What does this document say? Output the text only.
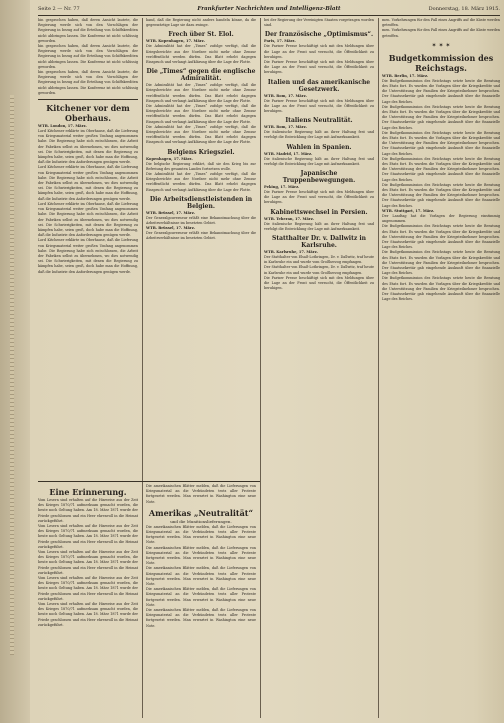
Seite 2 — Nr. 77	Frankfurter Nachrichten und Intelligenz-Blatt	Donnerstag, 18. März 1915.

hin gesprochen haben, daß deren Ansicht lautete, die Regierung werde sich von den Vorschlägen der Regierung in bezug auf die Erteilung von Schiffskrediten nicht abbringen lassen. Die Konferenz ist nicht schlüssig geworden.

hin gesprochen haben, daß deren Ansicht lautete, die Regierung werde sich von den Vorschlägen der Regierung in bezug auf die Erteilung von Schiffskrediten nicht abbringen lassen. Die Konferenz ist nicht schlüssig geworden.

hin gesprochen haben, daß deren Ansicht lautete, die Regierung werde sich von den Vorschlägen der Regierung in bezug auf die Erteilung von Schiffskrediten nicht abbringen lassen. Die Konferenz ist nicht schlüssig geworden.

Kitchener vor dem Oberhaus.
WTB. London, 17. März.

Lord Kitchener erklärte im Oberhause, daß die Lieferung von Kriegsmaterial weiter großen Umfang angenommen habe. Die Regierung habe sich entschlossen, die Arbeit der Fabriken selbst zu übernehmen, wo dies notwendig sei. Die Schwierigkeiten, mit denen die Regierung zu kämpfen habe, seien groß, doch habe man die Hoffnung, daß die Industrie den Anforderungen genügen werde.

Lord Kitchener erklärte im Oberhause, daß die Lieferung von Kriegsmaterial weiter großen Umfang angenommen habe. Die Regierung habe sich entschlossen, die Arbeit der Fabriken selbst zu übernehmen, wo dies notwendig sei. Die Schwierigkeiten, mit denen die Regierung zu kämpfen habe, seien groß, doch habe man die Hoffnung, daß die Industrie den Anforderungen genügen werde.

Lord Kitchener erklärte im Oberhause, daß die Lieferung von Kriegsmaterial weiter großen Umfang angenommen habe. Die Regierung habe sich entschlossen, die Arbeit der Fabriken selbst zu übernehmen, wo dies notwendig sei. Die Schwierigkeiten, mit denen die Regierung zu kämpfen habe, seien groß, doch habe man die Hoffnung, daß die Industrie den Anforderungen genügen werde.

Lord Kitchener erklärte im Oberhause, daß die Lieferung von Kriegsmaterial weiter großen Umfang angenommen habe. Die Regierung habe sich entschlossen, die Arbeit der Fabriken selbst zu übernehmen, wo dies notwendig sei. Die Schwierigkeiten, mit denen die Regierung zu kämpfen habe, seien groß, doch habe man die Hoffnung, daß die Industrie den Anforderungen genügen werde.

Eine Erinnerung.

Vom Lesern sind erhalten auf die Hinweise aus der Zeit des Krieges 1870/71 aufmerksam gemacht worden, die heute noch Geltung haben. Am 18. März 1871 wurde der Friede geschlossen und ein Heer ehrenvoll in die Heimat zurückgeführt.

Vom Lesern sind erhalten auf die Hinweise aus der Zeit des Krieges 1870/71 aufmerksam gemacht worden, die heute noch Geltung haben. Am 18. März 1871 wurde der Friede geschlossen und ein Heer ehrenvoll in die Heimat zurückgeführt.

Vom Lesern sind erhalten auf die Hinweise aus der Zeit des Krieges 1870/71 aufmerksam gemacht worden, die heute noch Geltung haben. Am 18. März 1871 wurde der Friede geschlossen und ein Heer ehrenvoll in die Heimat zurückgeführt.

Vom Lesern sind erhalten auf die Hinweise aus der Zeit des Krieges 1870/71 aufmerksam gemacht worden, die heute noch Geltung haben. Am 18. März 1871 wurde der Friede geschlossen und ein Heer ehrenvoll in die Heimat zurückgeführt.

Vom Lesern sind erhalten auf die Hinweise aus der Zeit des Krieges 1870/71 aufmerksam gemacht worden, die heute noch Geltung haben. Am 18. März 1871 wurde der Friede geschlossen und ein Heer ehrenvoll in die Heimat zurückgeführt.

hand, daß die Regierung nicht anders handeln könne, da die gegenwärtige Lage sie dazu zwinge.

Frech über St. Elol.
WTB. Kopenhagen, 17. März.

Die Admiralität hat der „Times“ zufolge verfügt, daß die Kriegsberichte aus der Nordsee nicht mehr ohne Zensur veröffentlicht werden dürfen. Das Blatt erhebt dagegen Einspruch und verlangt Aufklärung über die Lage der Flotte.

Die „Times“ gegen die englische Admiralität.

Die Admiralität hat der „Times“ zufolge verfügt, daß die Kriegsberichte aus der Nordsee nicht mehr ohne Zensur veröffentlicht werden dürfen. Das Blatt erhebt dagegen Einspruch und verlangt Aufklärung über die Lage der Flotte.

Die Admiralität hat der „Times“ zufolge verfügt, daß die Kriegsberichte aus der Nordsee nicht mehr ohne Zensur veröffentlicht werden dürfen. Das Blatt erhebt dagegen Einspruch und verlangt Aufklärung über die Lage der Flotte.

Die Admiralität hat der „Times“ zufolge verfügt, daß die Kriegsberichte aus der Nordsee nicht mehr ohne Zensur veröffentlicht werden dürfen. Das Blatt erhebt dagegen Einspruch und verlangt Aufklärung über die Lage der Flotte.

Belgiens Kriegsziel.
Kopenhagen, 17. März.

Die belgische Regierung erklärt, daß sie den Krieg bis zur Befreiung des gesamten Landes fortsetzen wolle.

Die Admiralität hat der „Times“ zufolge verfügt, daß die Kriegsberichte aus der Nordsee nicht mehr ohne Zensur veröffentlicht werden dürfen. Das Blatt erhebt dagegen Einspruch und verlangt Aufklärung über die Lage der Flotte.

Die Arbeitsdienstleistenden in Belgien.
WTB. Brüssel, 17. März.

Der Generalgouverneur erläßt eine Bekanntmachung über die Arbeitsverhältnisse im besetzten Gebiet.

WTB. Brüssel, 17. März.

Der Generalgouverneur erläßt eine Bekanntmachung über die Arbeitsverhältnisse im besetzten Gebiet.

Die amerikanischen Blätter melden, daß die Lieferungen von Kriegsmaterial an die Verbündeten trotz aller Proteste fortgesetzt werden. Man erwartet in Washington eine neue Note.

Amerikas „Neutralität“
und die Munitionslieferungen.

Die amerikanischen Blätter melden, daß die Lieferungen von Kriegsmaterial an die Verbündeten trotz aller Proteste fortgesetzt werden. Man erwartet in Washington eine neue Note.

Die amerikanischen Blätter melden, daß die Lieferungen von Kriegsmaterial an die Verbündeten trotz aller Proteste fortgesetzt werden. Man erwartet in Washington eine neue Note.

Die amerikanischen Blätter melden, daß die Lieferungen von Kriegsmaterial an die Verbündeten trotz aller Proteste fortgesetzt werden. Man erwartet in Washington eine neue Note.

Die amerikanischen Blätter melden, daß die Lieferungen von Kriegsmaterial an die Verbündeten trotz aller Proteste fortgesetzt werden. Man erwartet in Washington eine neue Note.

Die amerikanischen Blätter melden, daß die Lieferungen von Kriegsmaterial an die Verbündeten trotz aller Proteste fortgesetzt werden. Man erwartet in Washington eine neue Note.

bei der Regierung der Vereinigten Staaten vorgetragen worden sind.

Der französische „Optimismus“.
Paris, 17. März.

Die Pariser Presse beschäftigt sich mit den Meldungen über die Lage an der Front und versucht, die Öffentlichkeit zu beruhigen.

Die Pariser Presse beschäftigt sich mit den Meldungen über die Lage an der Front und versucht, die Öffentlichkeit zu beruhigen.

Italien und das amerikanische Gesetzwerk.
WTB. Rom, 17. März.

Die Pariser Presse beschäftigt sich mit den Meldungen über die Lage an der Front und versucht, die Öffentlichkeit zu beruhigen.

Italiens Neutralität.
WTB. Rom, 17. März.

Die italienische Regierung hält an ihrer Haltung fest und verfolgt die Entwicklung der Lage mit Aufmerksamkeit.

Wahlen in Spanien.
WTB. Madrid, 17. März.

Die italienische Regierung hält an ihrer Haltung fest und verfolgt die Entwicklung der Lage mit Aufmerksamkeit.

Japanische Truppenbewegungen.
Peking, 17. März.

Die Pariser Presse beschäftigt sich mit den Meldungen über die Lage an der Front und versucht, die Öffentlichkeit zu beruhigen.

Kabinettswechsel in Persien.
WTB. Teheran, 17. März.

Die italienische Regierung hält an ihrer Haltung fest und verfolgt die Entwicklung der Lage mit Aufmerksamkeit.

Statthalter Dr. v. Dallwitz in Karlsruhe.
WTB. Karlsruhe, 17. März.

Der Statthalter von Elsaß-Lothringen, Dr. v. Dallwitz, traf heute in Karlsruhe ein und wurde vom Großherzog empfangen.

Der Statthalter von Elsaß-Lothringen, Dr. v. Dallwitz, traf heute in Karlsruhe ein und wurde vom Großherzog empfangen.

Die Pariser Presse beschäftigt sich mit den Meldungen über die Lage an der Front und versucht, die Öffentlichkeit zu beruhigen.

men. Vorkehrungen für den Fall eines Angriffs auf die Küste werden getroffen.

men. Vorkehrungen für den Fall eines Angriffs auf die Küste werden getroffen.

✶ ✶ ✶
Budgetkommission des Reichstags.
WTB. Berlin, 17. März.

Die Budgetkommission des Reichstags setzte heute die Beratung des Etats fort. Es wurden die Vorlagen über die Kriegskredite und die Unterstützung der Familien der Kriegsteilnehmer besprochen. Der Staatssekretär gab eingehende Auskunft über die finanzielle Lage des Reiches.

Die Budgetkommission des Reichstags setzte heute die Beratung des Etats fort. Es wurden die Vorlagen über die Kriegskredite und die Unterstützung der Familien der Kriegsteilnehmer besprochen. Der Staatssekretär gab eingehende Auskunft über die finanzielle Lage des Reiches.

Die Budgetkommission des Reichstags setzte heute die Beratung des Etats fort. Es wurden die Vorlagen über die Kriegskredite und die Unterstützung der Familien der Kriegsteilnehmer besprochen. Der Staatssekretär gab eingehende Auskunft über die finanzielle Lage des Reiches.

Die Budgetkommission des Reichstags setzte heute die Beratung des Etats fort. Es wurden die Vorlagen über die Kriegskredite und die Unterstützung der Familien der Kriegsteilnehmer besprochen. Der Staatssekretär gab eingehende Auskunft über die finanzielle Lage des Reiches.

Die Budgetkommission des Reichstags setzte heute die Beratung des Etats fort. Es wurden die Vorlagen über die Kriegskredite und die Unterstützung der Familien der Kriegsteilnehmer besprochen. Der Staatssekretär gab eingehende Auskunft über die finanzielle Lage des Reiches.

WTB. Stuttgart, 17. März.

Der Landtag hat die Vorlagen der Regierung einstimmig angenommen.

Die Budgetkommission des Reichstags setzte heute die Beratung des Etats fort. Es wurden die Vorlagen über die Kriegskredite und die Unterstützung der Familien der Kriegsteilnehmer besprochen. Der Staatssekretär gab eingehende Auskunft über die finanzielle Lage des Reiches.

Die Budgetkommission des Reichstags setzte heute die Beratung des Etats fort. Es wurden die Vorlagen über die Kriegskredite und die Unterstützung der Familien der Kriegsteilnehmer besprochen. Der Staatssekretär gab eingehende Auskunft über die finanzielle Lage des Reiches.

Die Budgetkommission des Reichstags setzte heute die Beratung des Etats fort. Es wurden die Vorlagen über die Kriegskredite und die Unterstützung der Familien der Kriegsteilnehmer besprochen. Der Staatssekretär gab eingehende Auskunft über die finanzielle Lage des Reiches.
